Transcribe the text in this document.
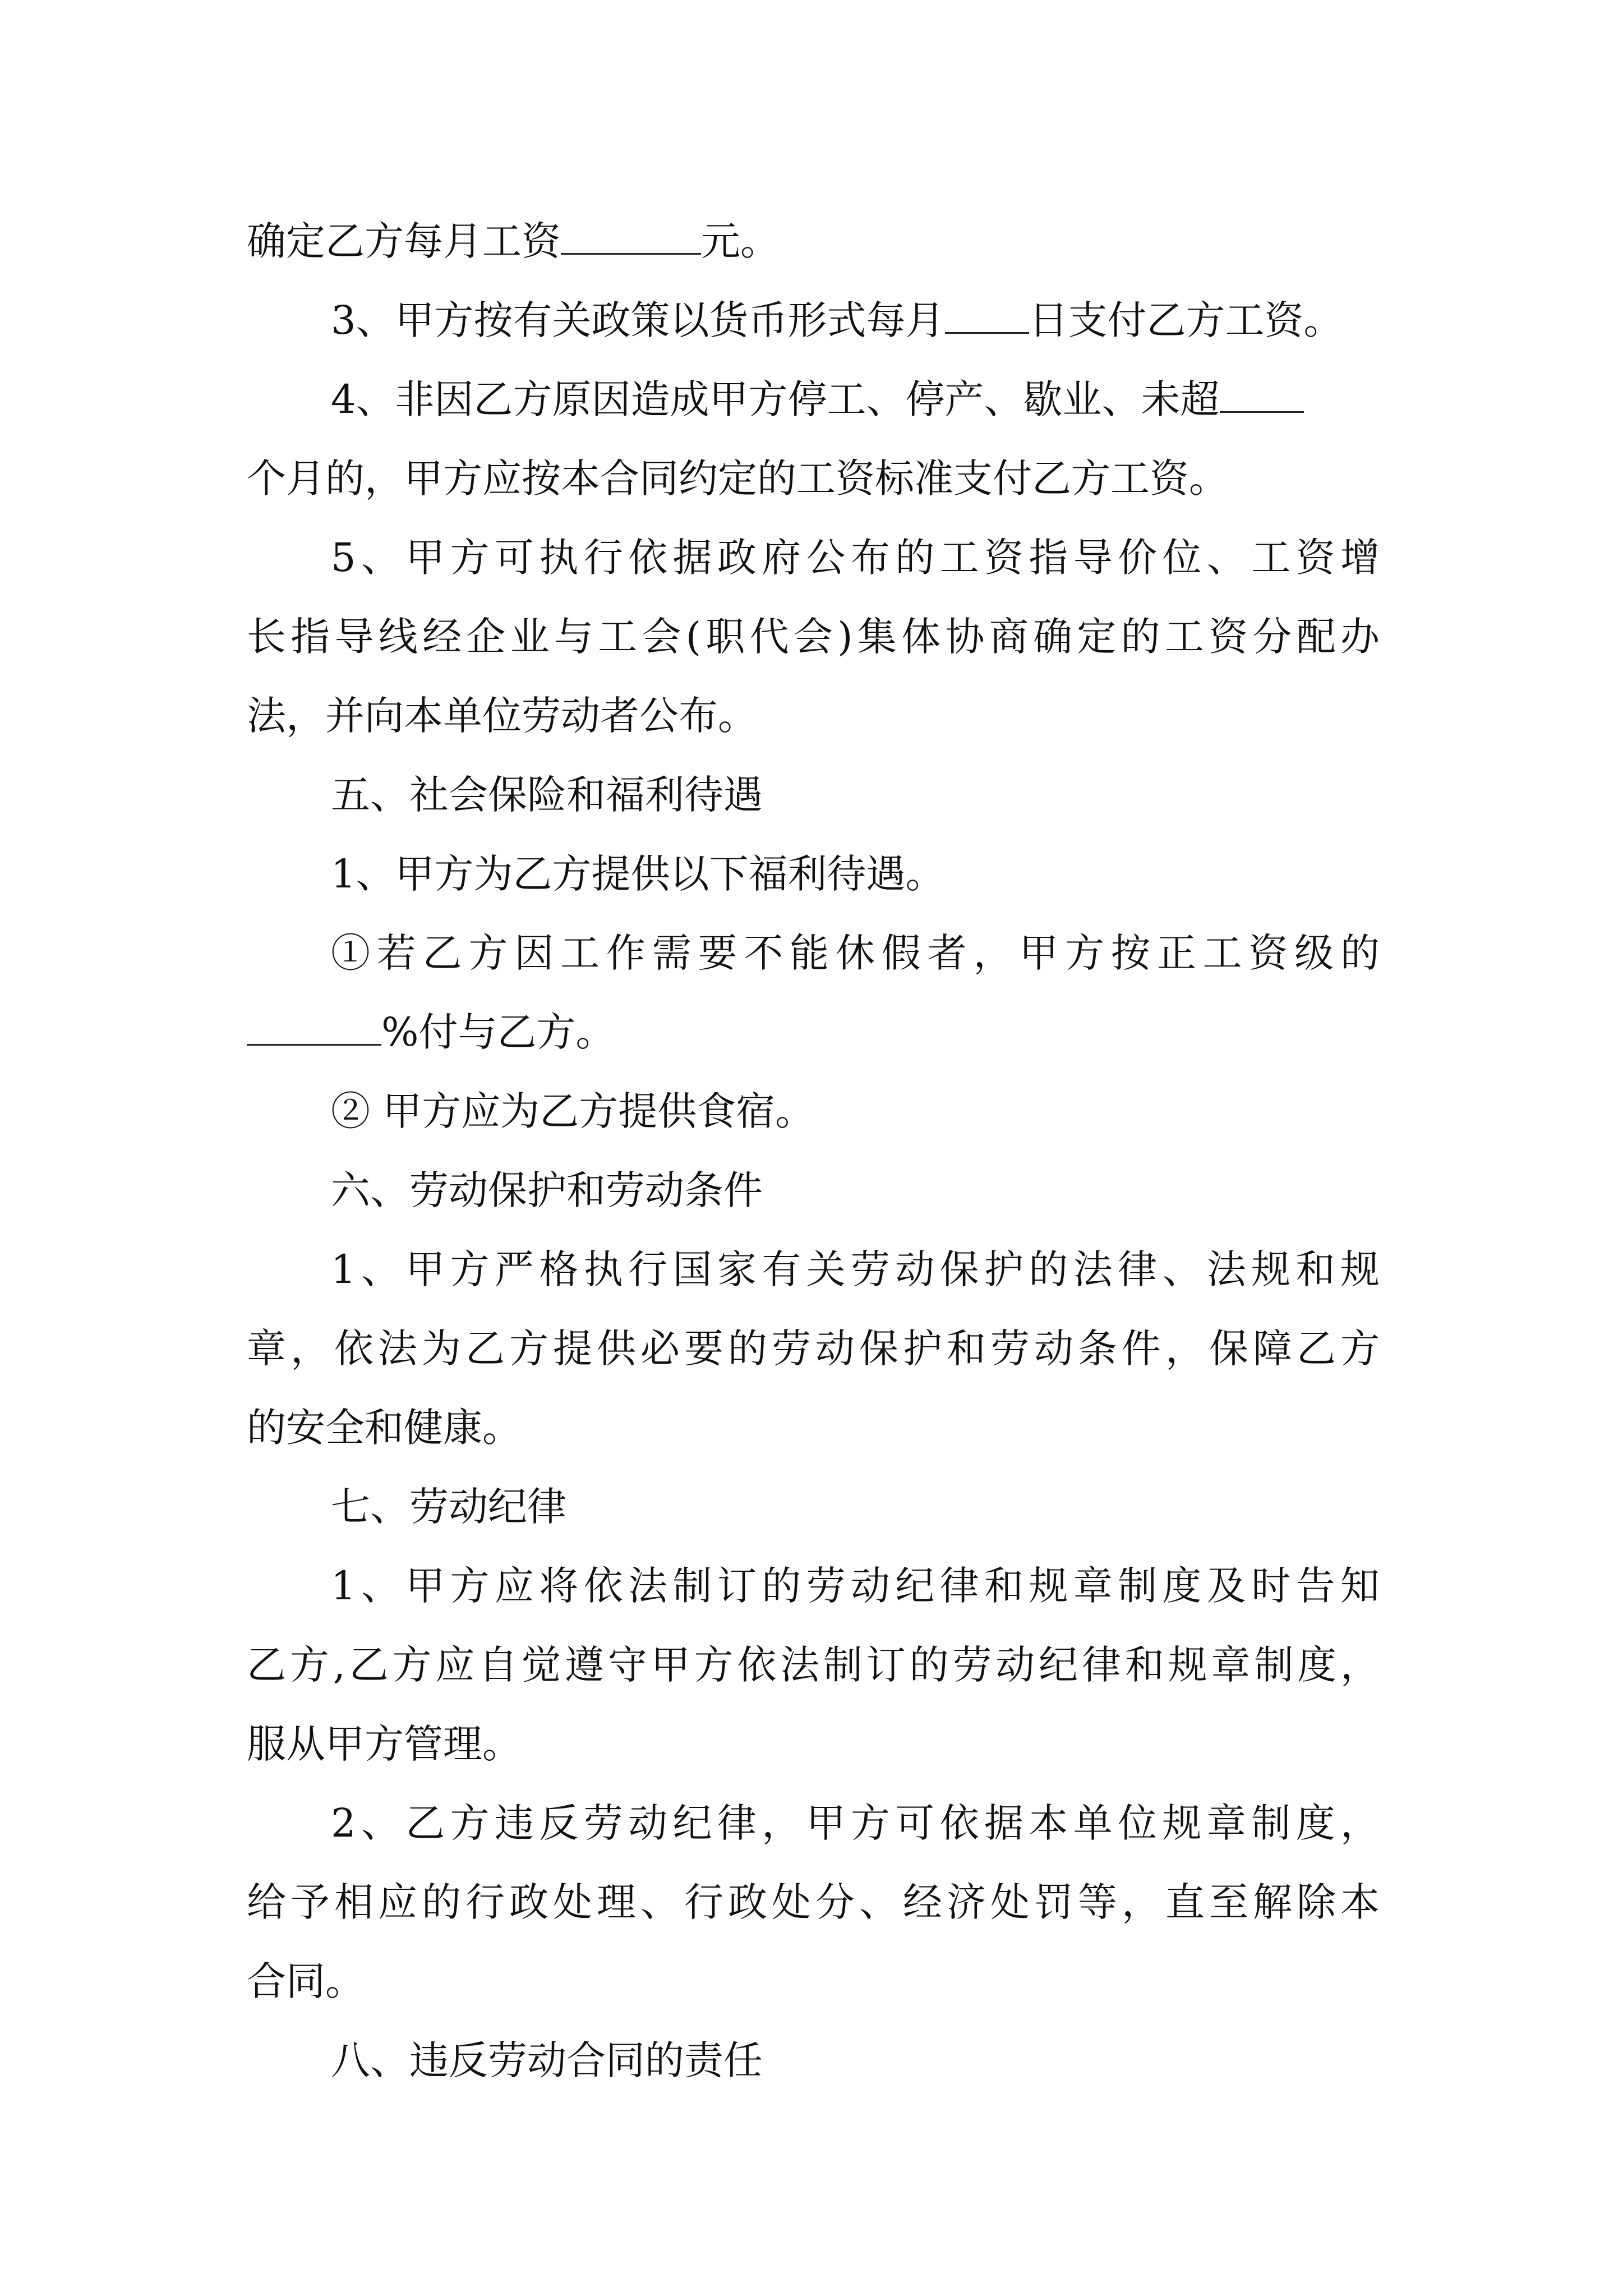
确定乙方每月工资	元。
3、甲方按有关政策以货币形式每月 日支付乙方工资。
4、非因乙方原因造成甲方停工、停产、歇业、未超
个月的，甲方应按本合同约定的工资标准支付乙方工资。
5、甲方可执行依据政府公布的工资指导价位、工资增
长指导线经企业与工会(职代会)集体协商确定的工资分配办
法，并向本单位劳动者公布。
五、社会保险和福利待遇
1、甲方为乙方提供以下福利待遇。
①若乙方因工作需要不能休假者，甲方按正工资级的
%付与乙方。
② 甲方应为乙方提供食宿。
六、劳动保护和劳动条件
1、甲方严格执行国家有关劳动保护的法律、法规和规
章，依法为乙方提供必要的劳动保护和劳动条件，保障乙方
的安全和健康。
七、劳动纪律
1、甲方应将依法制订的劳动纪律和规章制度及时告知
乙方,乙方应自觉遵守甲方依法制订的劳动纪律和规章制度，
服从甲方管理。
2、乙方违反劳动纪律，甲方可依据本单位规章制度，
给予相应的行政处理、行政处分、经济处罚等，直至解除本
合同。
八、违反劳动合同的责任
